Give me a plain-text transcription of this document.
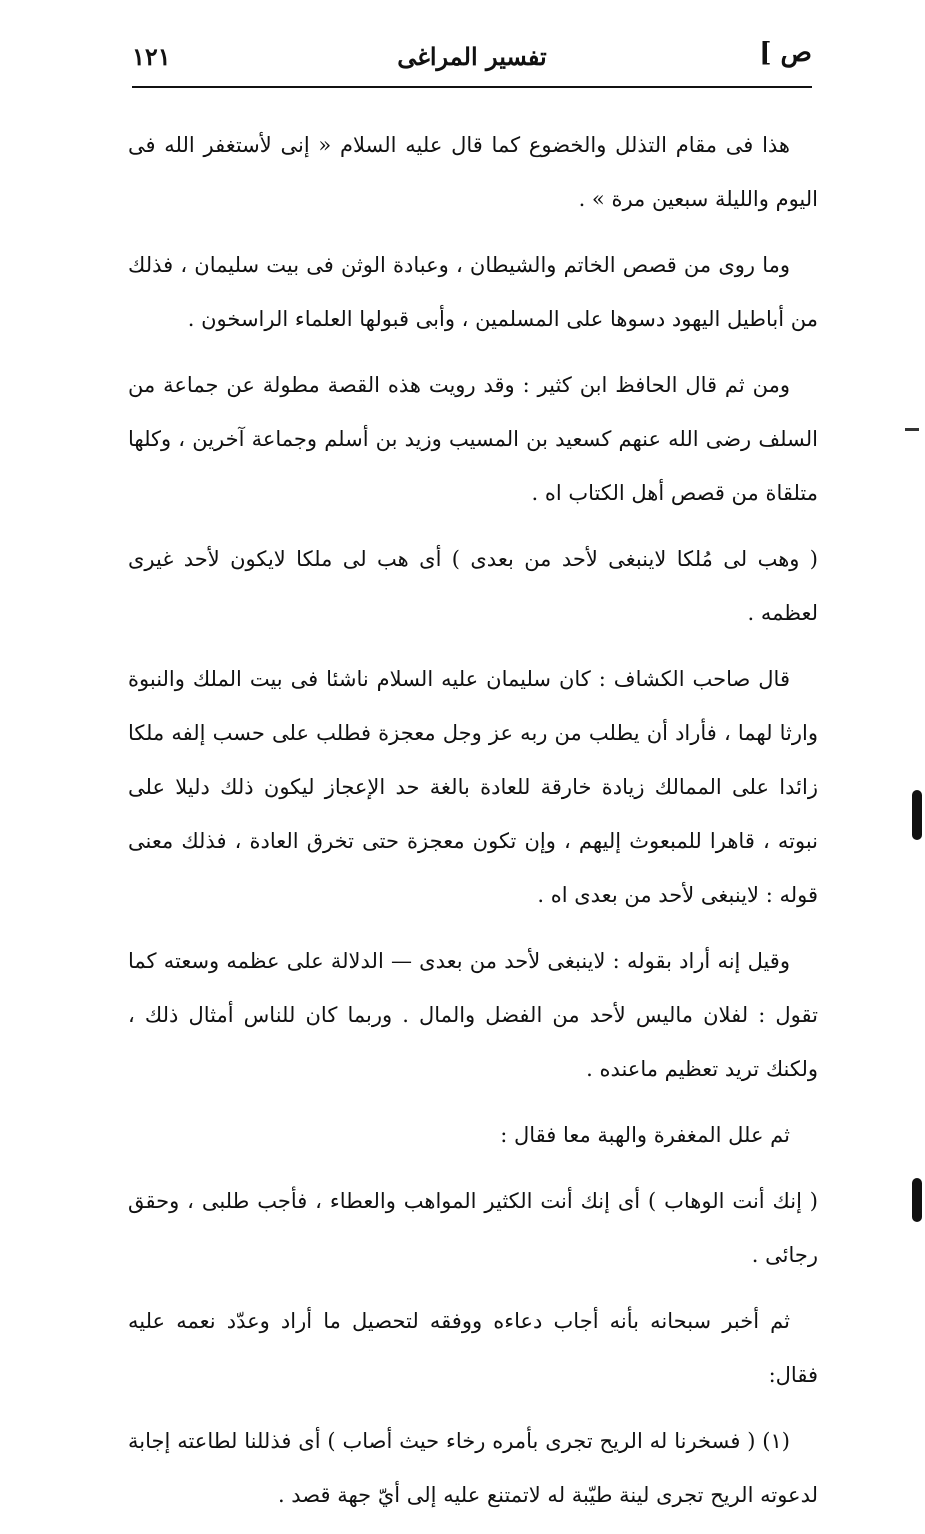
ص ]
تفسير المراغى
١٢١

هذا فى مقام التذلل والخضوع كما قال عليه السلام « إنى لأستغفر الله فى اليوم والليلة سبعين مرة » .

وما روى من قصص الخاتم والشيطان ، وعبادة الوثن فى بيت سليمان ، فذلك من أباطيل اليهود دسوها على المسلمين ، وأبى قبولها العلماء الراسخون .

ومن ثم قال الحافظ ابن كثير : وقد رويت هذه القصة مطولة عن جماعة من السلف رضى الله عنهم كسعيد بن المسيب وزيد بن أسلم وجماعة آخرين ، وكلها متلقاة من قصص أهل الكتاب اه .

( وهب لى مُلكا لاينبغى لأحد من بعدى ) أى هب لى ملكا لايكون لأحد غيرى لعظمه .

قال صاحب الكشاف : كان سليمان عليه السلام ناشئا فى بيت الملك والنبوة وارثا لهما ، فأراد أن يطلب من ربه عز وجل معجزة فطلب على حسب إلفه ملكا زائدا على الممالك زيادة خارقة للعادة بالغة حد الإعجاز ليكون ذلك دليلا على نبوته ، قاهرا للمبعوث إليهم ، وإن تكون معجزة حتى تخرق العادة ، فذلك معنى قوله : لاينبغى لأحد من بعدى اه .

وقيل إنه أراد بقوله : لاينبغى لأحد من بعدى — الدلالة على عظمه وسعته كما تقول : لفلان ماليس لأحد من الفضل والمال . وربما كان للناس أمثال ذلك ، ولكنك تريد تعظيم ماعنده .

ثم علل المغفرة والهبة معا فقال :

( إنك أنت الوهاب ) أى إنك أنت الكثير المواهب والعطاء ، فأجب طلبى ، وحقق رجائى .

ثم أخبر سبحانه بأنه أجاب دعاءه ووفقه لتحصيل ما أراد وعدّد نعمه عليه فقال:

(١) ( فسخرنا له الريح تجرى بأمره رخاء حيث أصاب ) أى فذللنا لطاعته إجابة لدعوته الريح تجرى لينة طيّبة له لاتمتنع عليه إلى أيّ جهة قصد .
